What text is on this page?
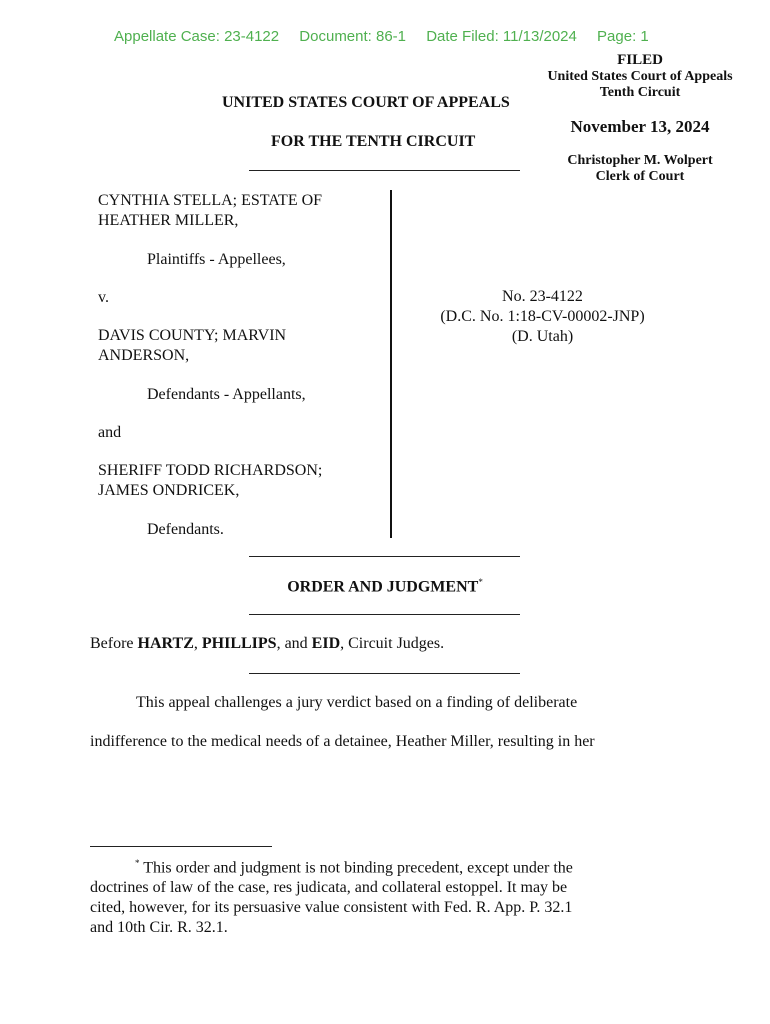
Appellate Case: 23-4122 Document: 86-1 Date Filed: 11/13/2024 Page: 1
FILED
United States Court of Appeals
Tenth Circuit
November 13, 2024
Christopher M. Wolpert
Clerk of Court
UNITED STATES COURT OF APPEALS
FOR THE TENTH CIRCUIT
CYNTHIA STELLA; ESTATE OF
HEATHER MILLER,
Plaintiffs - Appellees,
v.
DAVIS COUNTY; MARVIN
ANDERSON,
Defendants - Appellants,
and
SHERIFF TODD RICHARDSON;
JAMES ONDRICEK,
Defendants.
No. 23-4122
(D.C. No. 1:18-CV-00002-JNP)
(D. Utah)
ORDER AND JUDGMENT*
Before HARTZ, PHILLIPS, and EID, Circuit Judges.
This appeal challenges a jury verdict based on a finding of deliberate
indifference to the medical needs of a detainee, Heather Miller, resulting in her
* This order and judgment is not binding precedent, except under the
doctrines of law of the case, res judicata, and collateral estoppel. It may be
cited, however, for its persuasive value consistent with Fed. R. App. P. 32.1
and 10th Cir. R. 32.1.
